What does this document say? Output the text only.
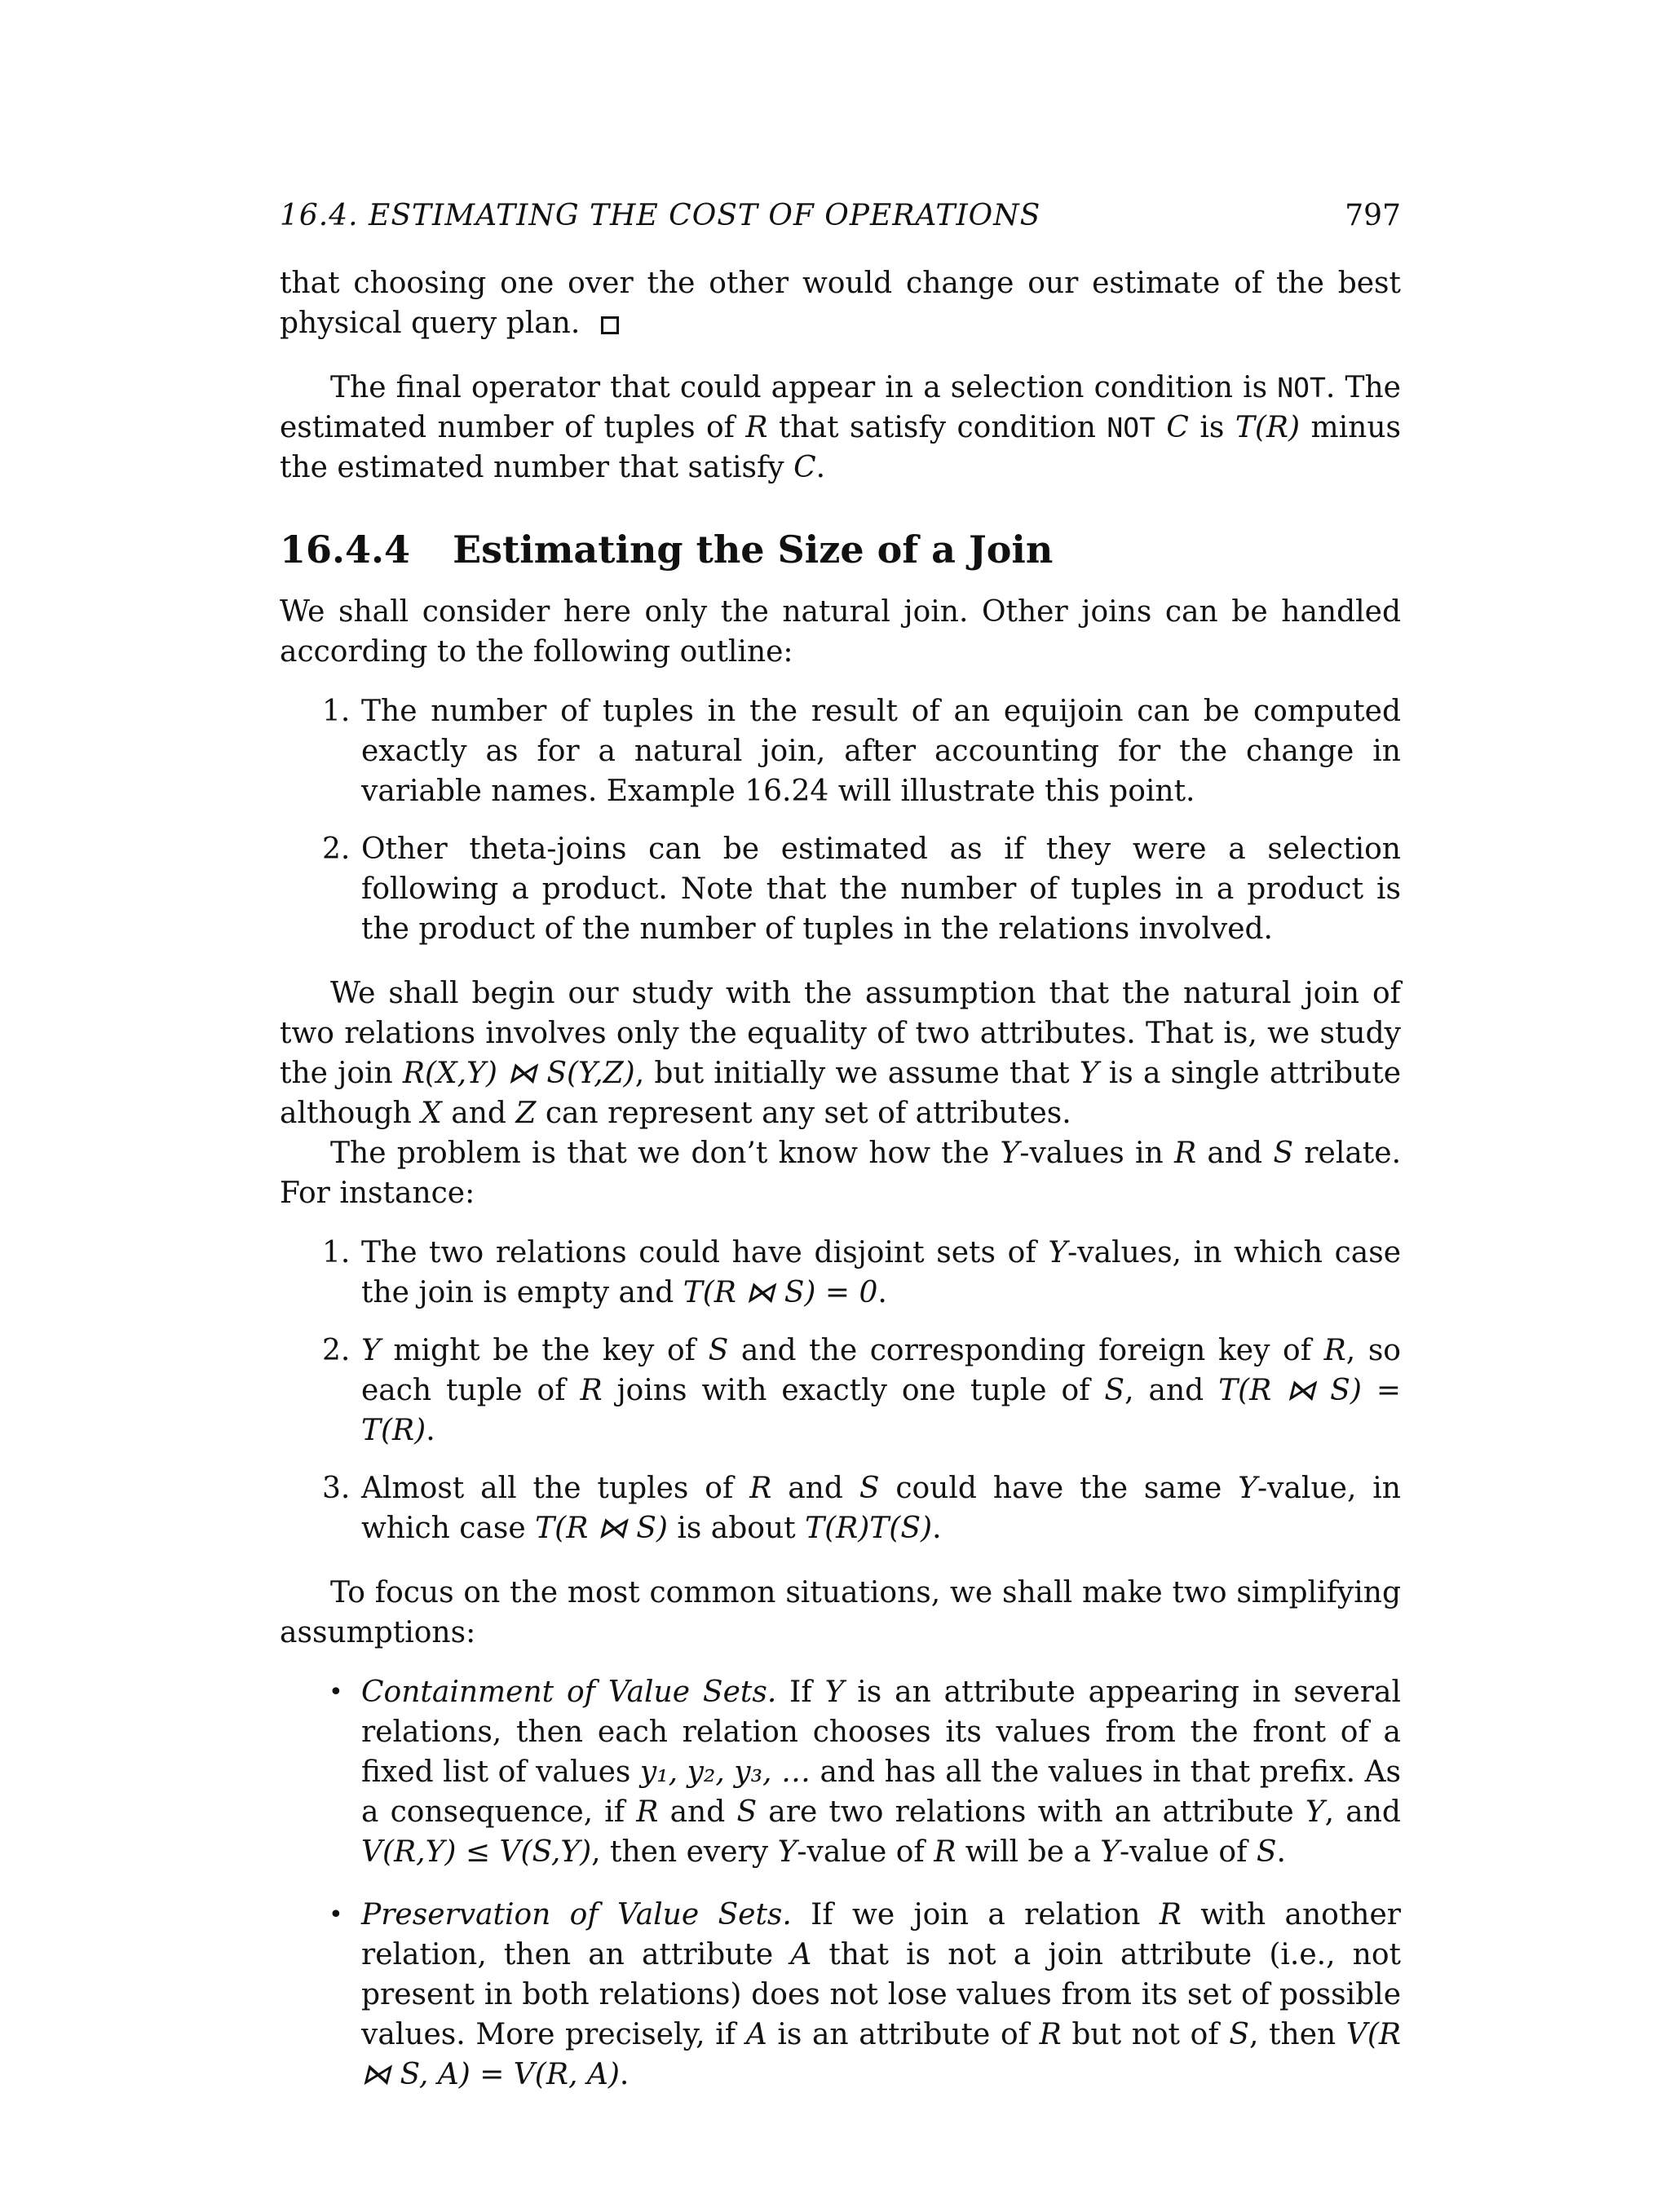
16.4. ESTIMATING THE COST OF OPERATIONS	797

that choosing one over the other would change our estimate of the best physical query plan.

The final operator that could appear in a selection condition is NOT. The estimated number of tuples of R that satisfy condition NOT C is T(R) minus the estimated number that satisfy C.

16.4.4 Estimating the Size of a Join

We shall consider here only the natural join. Other joins can be handled according to the following outline:

1. The number of tuples in the result of an equijoin can be computed exactly as for a natural join, after accounting for the change in variable names. Example 16.24 will illustrate this point.
2. Other theta-joins can be estimated as if they were a selection following a product. Note that the number of tuples in a product is the product of the number of tuples in the relations involved.

We shall begin our study with the assumption that the natural join of two relations involves only the equality of two attributes. That is, we study the join R(X,Y) ⋈ S(Y,Z), but initially we assume that Y is a single attribute although X and Z can represent any set of attributes.

The problem is that we don’t know how the Y-values in R and S relate. For instance:

1. The two relations could have disjoint sets of Y-values, in which case the join is empty and T(R ⋈ S) = 0.
2. Y might be the key of S and the corresponding foreign key of R, so each tuple of R joins with exactly one tuple of S, and T(R ⋈ S) = T(R).
3. Almost all the tuples of R and S could have the same Y-value, in which case T(R ⋈ S) is about T(R)T(S).

To focus on the most common situations, we shall make two simplifying assumptions:

• Containment of Value Sets. If Y is an attribute appearing in several relations, then each relation chooses its values from the front of a fixed list of values y₁, y₂, y₃, … and has all the values in that prefix. As a consequence, if R and S are two relations with an attribute Y, and V(R,Y) ≤ V(S,Y), then every Y-value of R will be a Y-value of S.
• Preservation of Value Sets. If we join a relation R with another relation, then an attribute A that is not a join attribute (i.e., not present in both relations) does not lose values from its set of possible values. More precisely, if A is an attribute of R but not of S, then V(R ⋈ S, A) = V(R, A).
